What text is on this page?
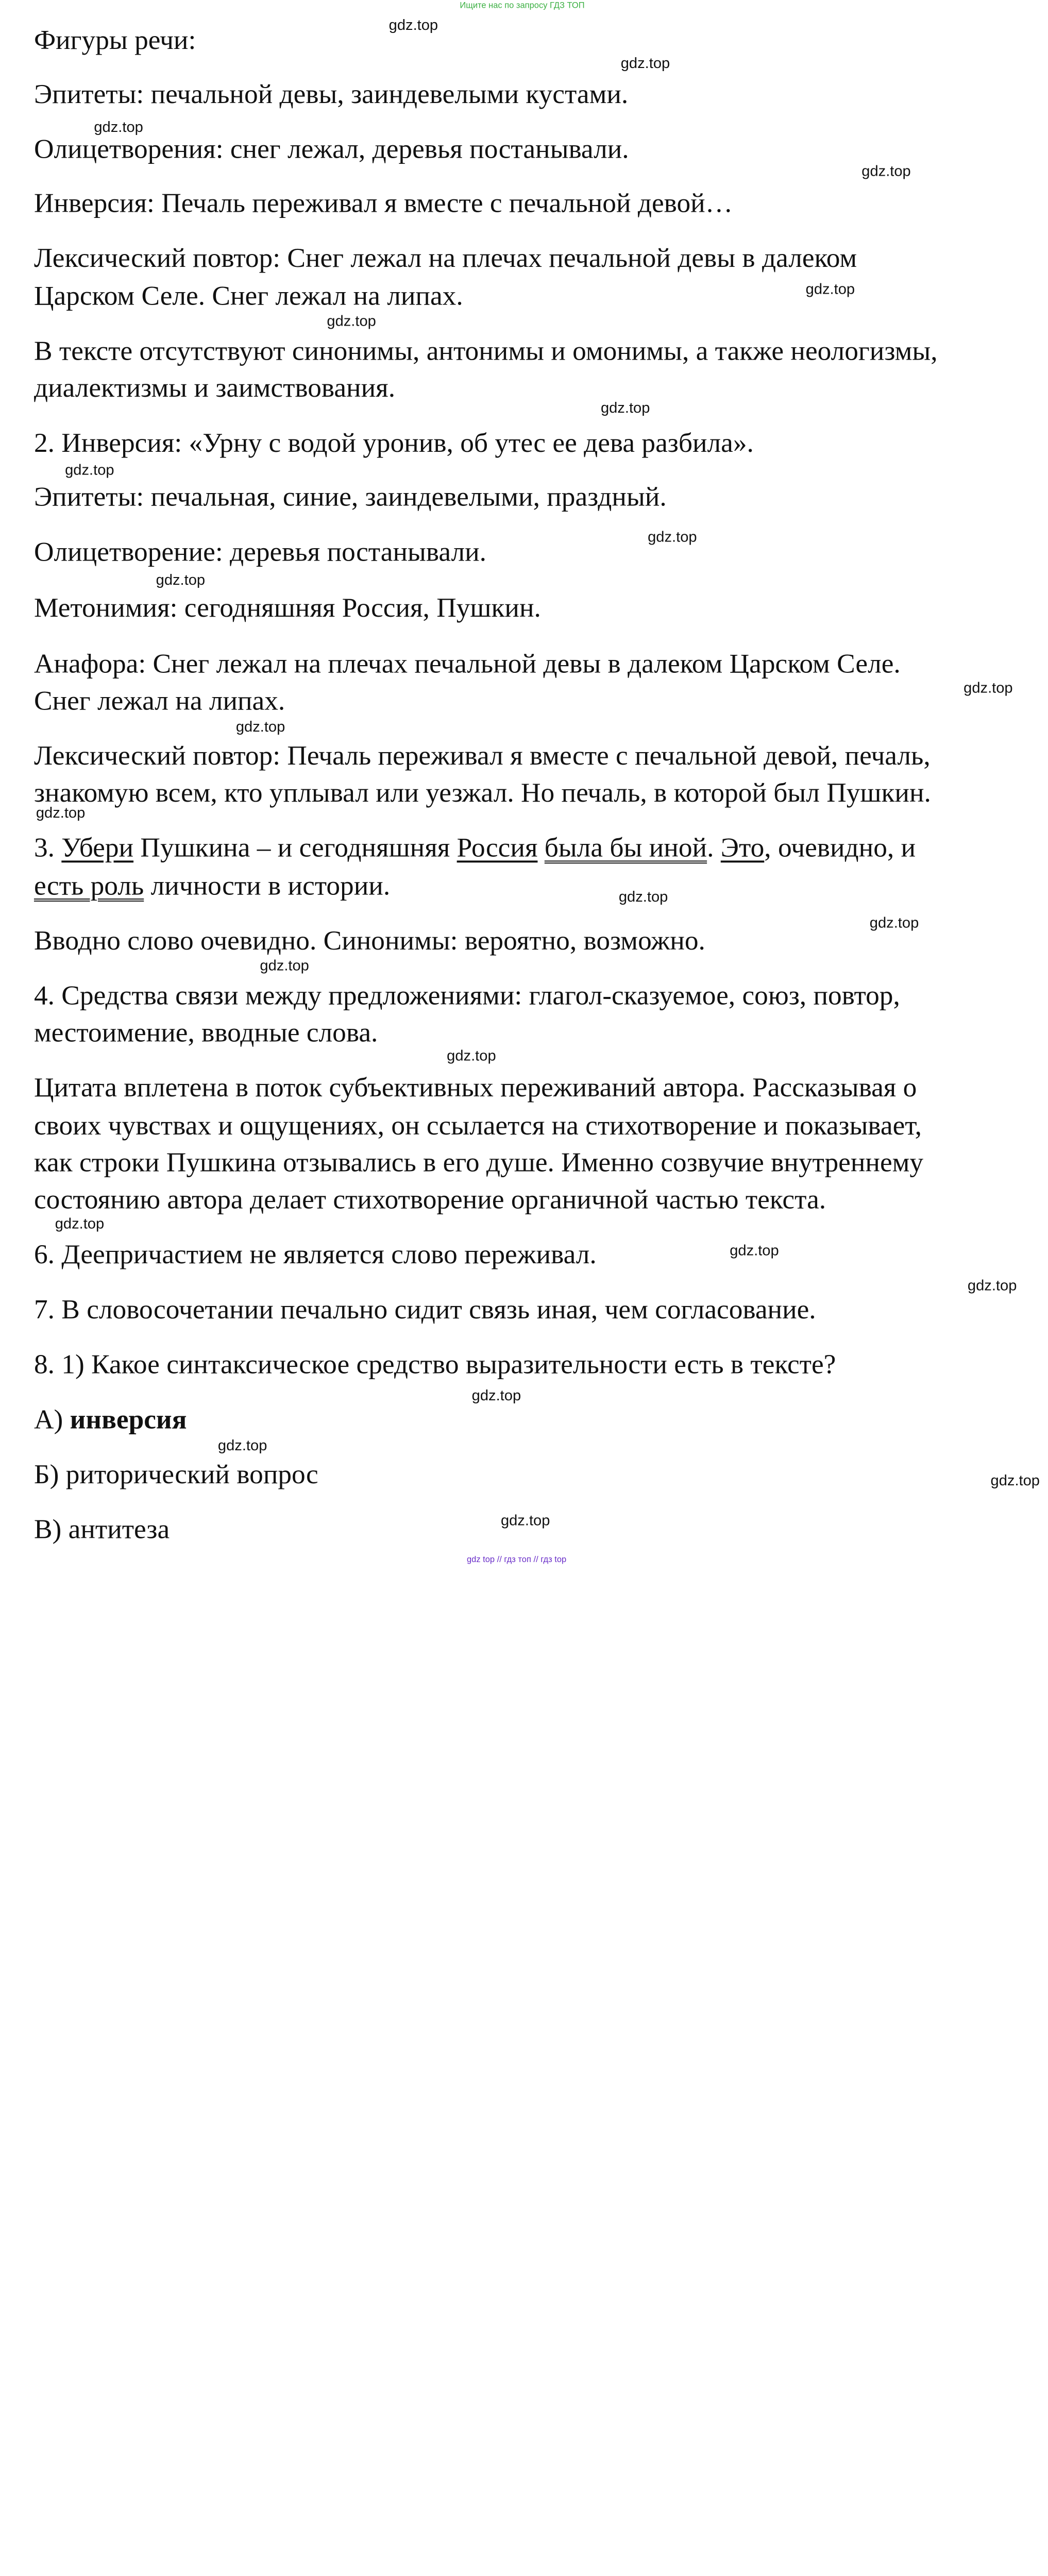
Ищите нас по запросу ГДЗ ТОП
Фигуры речи:
Эпитеты: печальной девы, заиндевелыми кустами.
Олицетворения: снег лежал, деревья постанывали.
Инверсия: Печаль переживал я вместе с печальной девой…
Лексический повтор: Снег лежал на плечах печальной девы в далеком
Царском Селе. Снег лежал на липах.
В тексте отсутствуют синонимы, антонимы и омонимы, а также неологизмы,
диалектизмы и заимствования.
2. Инверсия: «Урну с водой уронив, об утес ее дева разбила».
Эпитеты: печальная, синие, заиндевелыми, праздный.
Олицетворение: деревья постанывали.
Метонимия: сегодняшняя Россия, Пушкин.
Анафора: Снег лежал на плечах печальной девы в далеком Царском Селе.
Снег лежал на липах.
Лексический повтор: Печаль переживал я вместе с печальной девой, печаль,
знакомую всем, кто уплывал или уезжал. Но печаль, в которой был Пушкин.
3. Убери Пушкина – и сегодняшняя Россия была бы иной. Это, очевидно, и
есть роль личности в истории.
Вводно слово очевидно. Синонимы: вероятно, возможно.
4. Средства связи между предложениями: глагол-сказуемое, союз, повтор,
местоимение, вводные слова.
Цитата вплетена в поток субъективных переживаний автора. Рассказывая о
своих чувствах и ощущениях, он ссылается на стихотворение и показывает,
как строки Пушкина отзывались в его душе. Именно созвучие внутреннему
состоянию автора делает стихотворение органичной частью текста.
6. Деепричастием не является слово переживал.
7. В словосочетании печально сидит связь иная, чем согласование.
8. 1) Какое синтаксическое средство выразительности есть в тексте?
А) инверсия
Б) риторический вопрос
В) антитеза
gdz.top
gdz.top
gdz.top
gdz.top
gdz.top
gdz.top
gdz.top
gdz.top
gdz.top
gdz.top
gdz.top
gdz.top
gdz.top
gdz.top
gdz.top
gdz.top
gdz.top
gdz.top
gdz.top
gdz.top
gdz.top
gdz.top
gdz.top
gdz.top
gdz top // гдз топ // гдз top
